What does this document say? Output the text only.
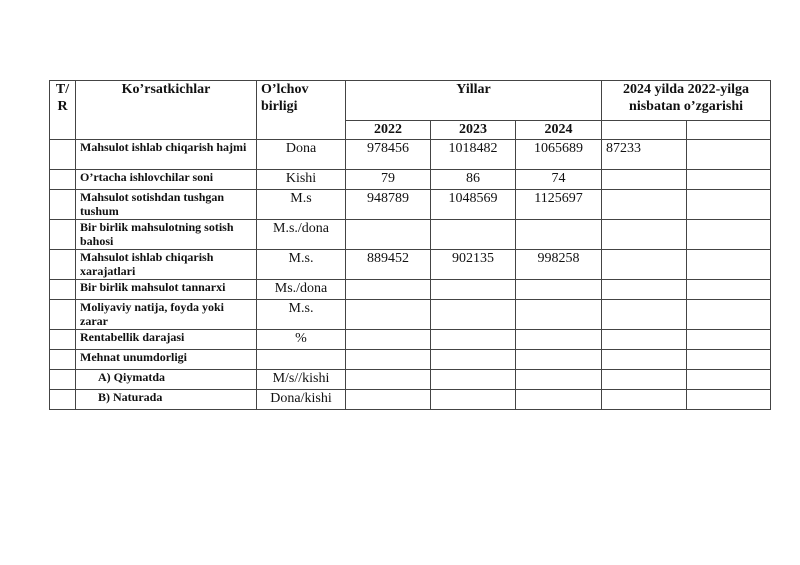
T/ R	Ko’rsatkichlar	O’lchov birligi	Yillar			2024 yilda 2022-yilga nisbatan o’zgarishi	
			2022	2023	2024		
	Mahsulot ishlab chiqarish hajmi	Dona	978456	1018482	1065689	87233	
	O’rtacha ishlovchilar soni	Kishi	79	86	74		
	Mahsulot sotishdan tushgan tushum	M.s	948789	1048569	1125697		
	Bir birlik mahsulotning sotish bahosi	M.s./dona					
	Mahsulot ishlab chiqarish xarajatlari	M.s.	889452	902135	998258		
	Bir birlik mahsulot tannarxi	Ms./dona					
	Moliyaviy natija, foyda yoki zarar	M.s.					
	Rentabellik darajasi	%					
	Mehnat unumdorligi						
	A) Qiymatda	M/s//kishi					
	B) Naturada	Dona/kishi					
